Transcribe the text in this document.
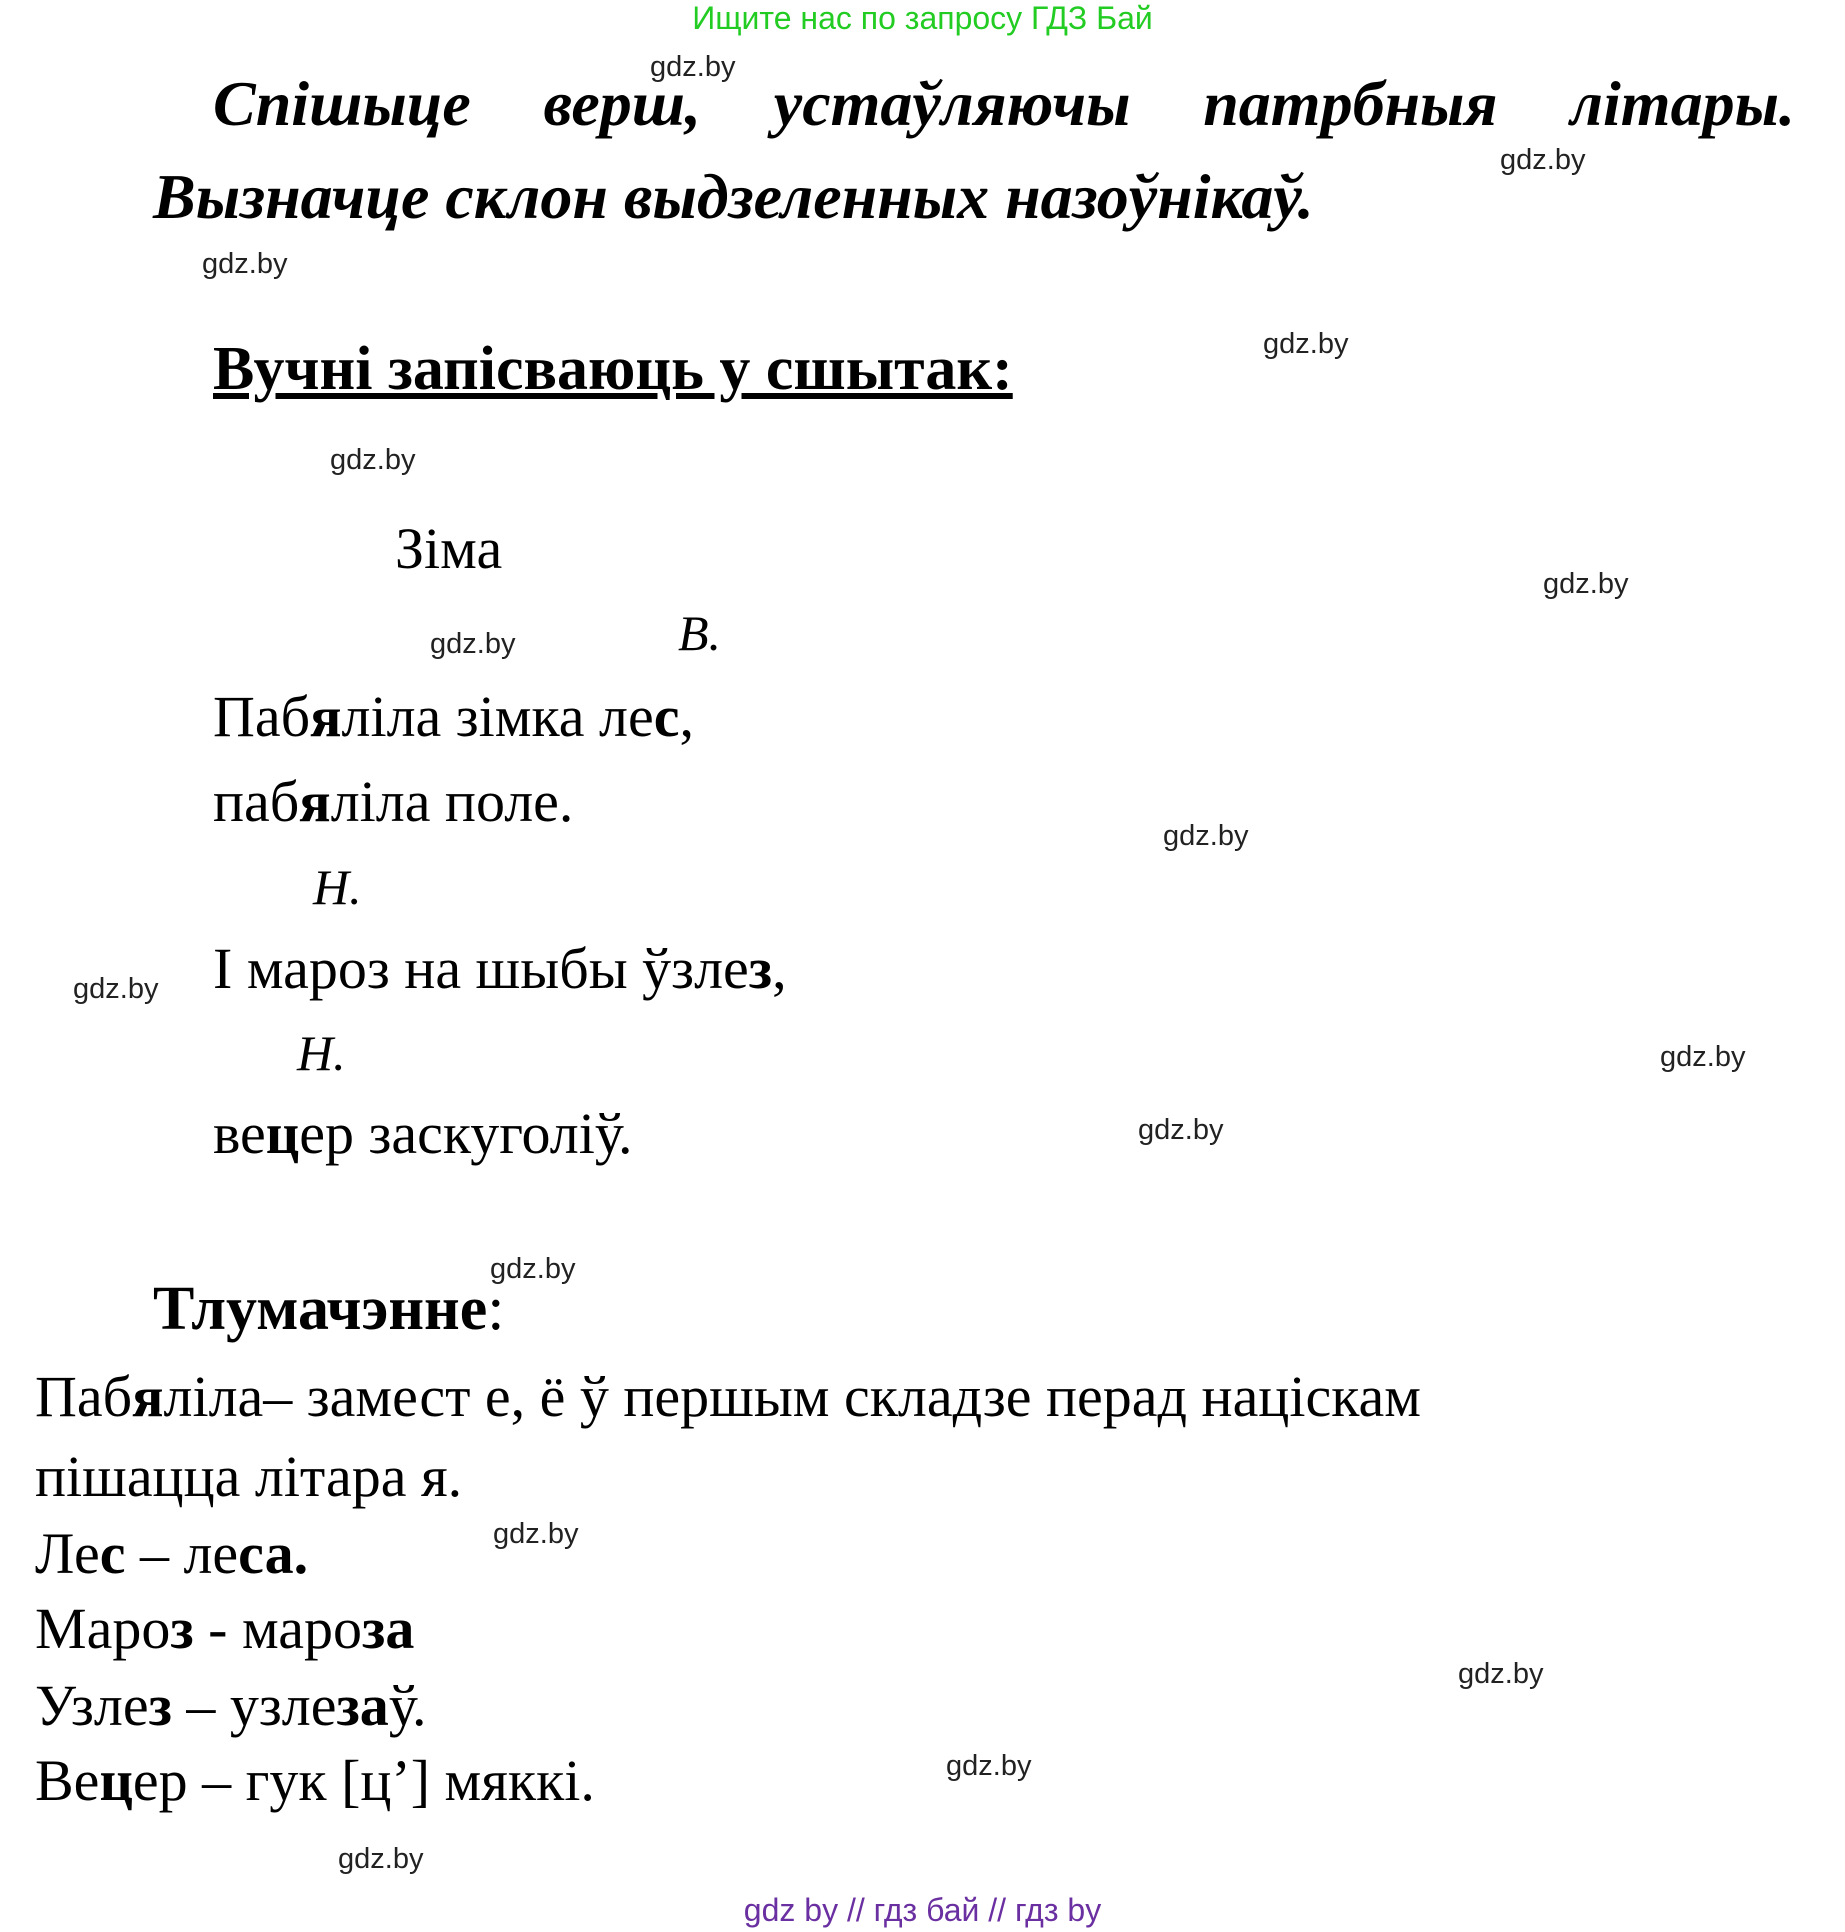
Ищите нас по запросу ГДЗ Бай
gdz.by
gdz.by
gdz.by
gdz.by
gdz.by
gdz.by
gdz.by
gdz.by
gdz.by
gdz.by
gdz.by
gdz.by
gdz.by
gdz.by
gdz.by
gdz.by
Спішыце верш, устаўляючы патрбныя літары.
Вызначце склон выдзеленных назоўнікаў.
Вучні запісваюць у сшытак:
Зіма
В.
Пабяліла зімка лес,
пабяліла поле.
Н.
І мароз на шыбы ўзлез,
Н.
вецер заскуголіў.
Тлумачэнне:
Пабяліла– замест е, ё ў першым складзе перад націскам
пішацца літара я.
Лес – леса.
Мароз - мароза
Узлез – узлезаў.
Вецер – гук [ц’] мяккі.
gdz by // гдз бай // гдз by
